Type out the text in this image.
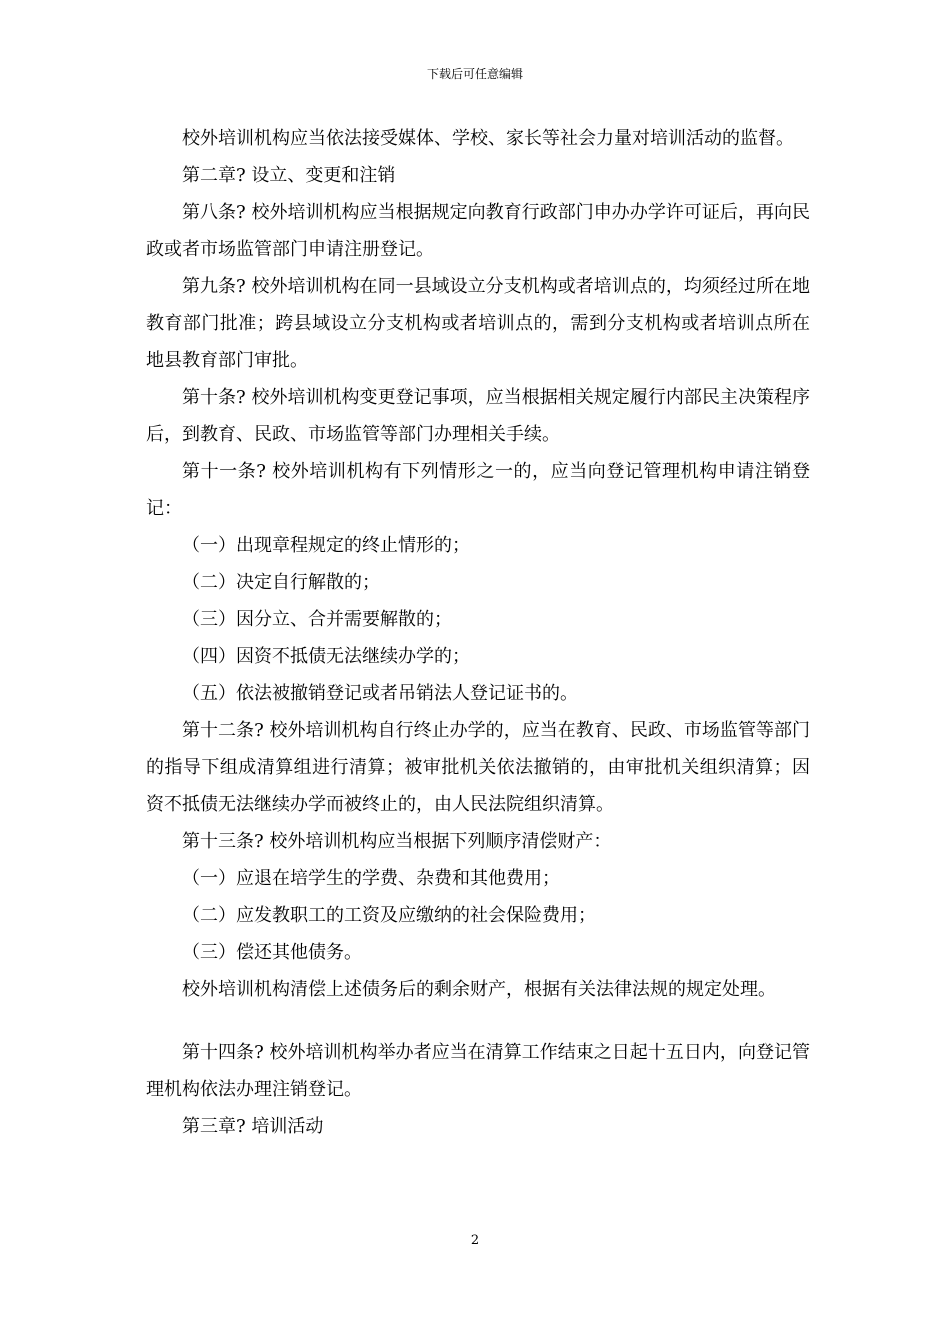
下载后可任意编辑

校外培训机构应当依法接受媒体、学校、家长等社会力量对培训活动的监督。

第二章? 设立、变更和注销

第八条? 校外培训机构应当根据规定向教育行政部门申办办学许可证后，再向民政或者市场监管部门申请注册登记。

第九条? 校外培训机构在同一县域设立分支机构或者培训点的，均须经过所在地教育部门批准；跨县域设立分支机构或者培训点的，需到分支机构或者培训点所在地县教育部门审批。

第十条? 校外培训机构变更登记事项，应当根据相关规定履行内部民主决策程序后，到教育、民政、市场监管等部门办理相关手续。

第十一条? 校外培训机构有下列情形之一的，应当向登记管理机构申请注销登记：

（一）出现章程规定的终止情形的；

（二）决定自行解散的；

（三）因分立、合并需要解散的；

（四）因资不抵债无法继续办学的；

（五）依法被撤销登记或者吊销法人登记证书的。

第十二条? 校外培训机构自行终止办学的，应当在教育、民政、市场监管等部门的指导下组成清算组进行清算；被审批机关依法撤销的，由审批机关组织清算；因资不抵债无法继续办学而被终止的，由人民法院组织清算。

第十三条? 校外培训机构应当根据下列顺序清偿财产：

（一）应退在培学生的学费、杂费和其他费用；

（二）应发教职工的工资及应缴纳的社会保险费用；

（三）偿还其他债务。

校外培训机构清偿上述债务后的剩余财产，根据有关法律法规的规定处理。

第十四条? 校外培训机构举办者应当在清算工作结束之日起十五日内，向登记管理机构依法办理注销登记。

第三章? 培训活动

2
